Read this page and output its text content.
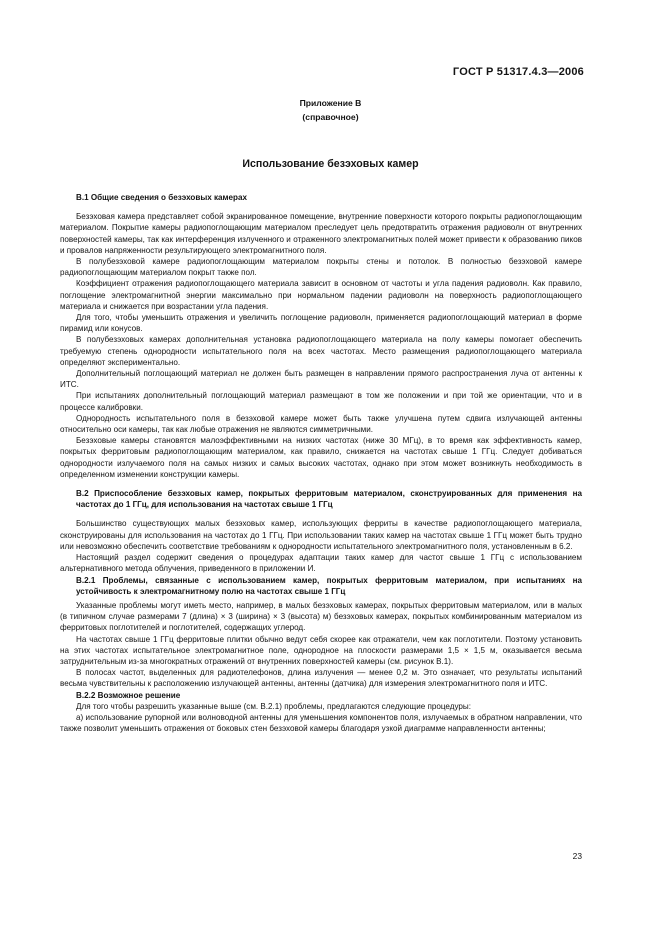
ГОСТ Р 51317.4.3—2006
Приложение В
(справочное)
Использование безэховых камер
В.1 Общие сведения о безэховых камерах

Безэховая камера представляет собой экранированное помещение, внутренние поверхности которого покрыты радиопоглощающим материалом. Покрытие камеры радиопоглощающим материалом преследует цель предотвратить отражения радиоволн от внутренних поверхностей камеры, так как интерференция излученного и отраженного электромагнитных полей может привести к образованию пиков и провалов напряженности результирующего электромагнитного поля.

В полубезэховой камере радиопоглощающим материалом покрыты стены и потолок. В полностью безэховой камере радиопоглощающим материалом покрыт также пол.

Коэффициент отражения радиопоглощающего материала зависит в основном от частоты и угла падения радиоволн. Как правило, поглощение электромагнитной энергии максимально при нормальном падении радиоволн на поверхность радиопоглощающего материала и снижается при возрастании угла падения.

Для того, чтобы уменьшить отражения и увеличить поглощение радиоволн, применяется радиопоглощающий материал в форме пирамид или конусов.

В полубезэховых камерах дополнительная установка радиопоглощающего материала на полу камеры помогает обеспечить требуемую степень однородности испытательного поля на всех частотах. Место размещения радиопоглощающего материала определяют экспериментально.

Дополнительный поглощающий материал не должен быть размещен в направлении прямого распространения луча от антенны к ИТС.

При испытаниях дополнительный поглощающий материал размещают в том же положении и при той же ориентации, что и в процессе калибровки.

Однородность испытательного поля в безэховой камере может быть также улучшена путем сдвига излучающей антенны относительно оси камеры, так как любые отражения не являются симметричными.

Безэховые камеры становятся малоэффективными на низких частотах (ниже 30 МГц), в то время как эффективность камер, покрытых ферритовым радиопоглощающим материалом, как правило, снижается на частотах свыше 1 ГГц. Следует добиваться однородности излучаемого поля на самых низких и самых высоких частотах, однако при этом может возникнуть необходимость в определенном изменении конструкции камеры.

В.2 Приспособление безэховых камер, покрытых ферритовым материалом, сконструированных для применения на частотах до 1 ГГц, для использования на частотах свыше 1 ГГц

Большинство существующих малых безэховых камер, использующих ферриты в качестве радиопоглощающего материала, сконструированы для использования на частотах до 1 ГГц. При использовании таких камер на частотах свыше 1 ГГц может быть трудно или невозможно обеспечить соответствие требованиям к однородности испытательного электромагнитного поля, установленным в 6.2.

Настоящий раздел содержит сведения о процедурах адаптации таких камер для частот свыше 1 ГГц с использованием альтернативного метода облучения, приведенного в приложении И.

В.2.1 Проблемы, связанные с использованием камер, покрытых ферритовым материалом, при испытаниях на устойчивость к электромагнитному полю на частотах свыше 1 ГГц

Указанные проблемы могут иметь место, например, в малых безэховых камерах, покрытых ферритовым материалом, или в малых (в типичном случае размерами 7 (длина) × 3 (ширина) × 3 (высота) м) безэховых камерах, покрытых комбинированным материалом из ферритовых поглотителей и поглотителей, содержащих углерод.

На частотах свыше 1 ГГц ферритовые плитки обычно ведут себя скорее как отражатели, чем как поглотители. Поэтому установить на этих частотах испытательное электромагнитное поле, однородное на плоскости размерами 1,5 × 1,5 м, оказывается весьма затруднительным из-за многократных отражений от внутренних поверхностей камеры (см. рисунок В.1).

В полосах частот, выделенных для радиотелефонов, длина излучения — менее 0,2 м. Это означает, что результаты испытаний весьма чувствительны к расположению излучающей антенны, антенны (датчика) для измерения электромагнитного поля и ИТС.

В.2.2 Возможное решение

Для того чтобы разрешить указанные выше (см. В.2.1) проблемы, предлагаются следующие процедуры:

а) использование рупорной или волноводной антенны для уменьшения компонентов поля, излучаемых в обратном направлении, что также позволит уменьшить отражения от боковых стен безэховой камеры благодаря узкой диаграмме направленности антенны;

23
